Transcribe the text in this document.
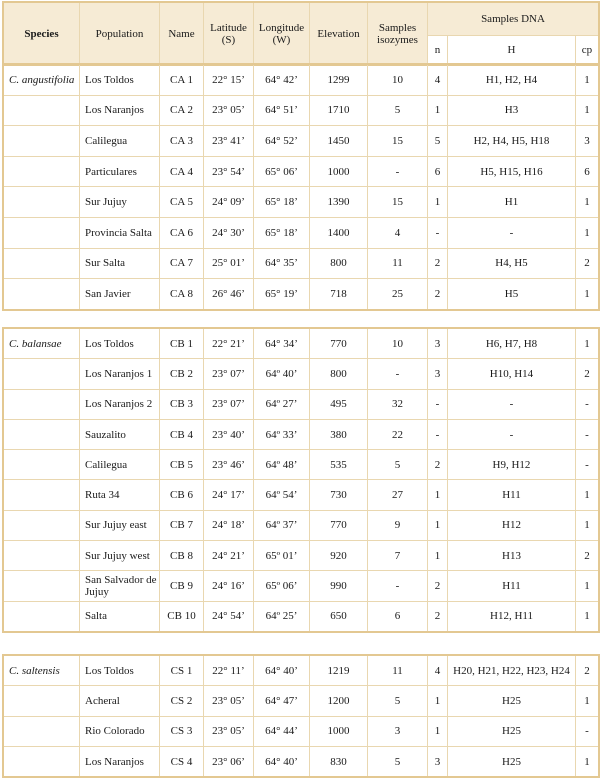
Species	Population	Name	Latitude (S)	Longitude (W)	Elevation	Samples isozymes	Samples DNA		
							n	H	cp
C. angustifolia	Los Toldos	CA 1	22° 15’	64° 42’	1299	10	4	H1, H2, H4	1
	Los Naranjos	CA 2	23° 05’	64° 51’	1710	5	1	H3	1
	Calilegua	CA 3	23° 41’	64° 52’	1450	15	5	H2, H4, H5, H18	3
	Particulares	CA 4	23° 54’	65° 06’	1000	-	6	H5, H15, H16	6
	Sur Jujuy	CA 5	24° 09’	65° 18’	1390	15	1	H1	1
	Provincia Salta	CA 6	24° 30’	65° 18’	1400	4	-	-	1
	Sur Salta	CA 7	25° 01’	64° 35’	800	11	2	H4, H5	2
	San Javier	CA 8	26° 46’	65° 19’	718	25	2	H5	1
C. balansae	Los Toldos	CB 1	22° 21’	64° 34’	770	10	3	H6, H7, H8	1
	Los Naranjos 1	CB 2	23° 07’	64º 40’	800	-	3	H10, H14	2
	Los Naranjos 2	CB 3	23° 07’	64º 27’	495	32	-	-	-
	Sauzalito	CB 4	23° 40’	64º 33’	380	22	-	-	-
	Calilegua	CB 5	23° 46’	64º 48’	535	5	2	H9, H12	-
	Ruta 34	CB 6	24° 17’	64º 54’	730	27	1	H11	1
	Sur Jujuy east	CB 7	24° 18’	64º 37’	770	9	1	H12	1
	Sur Jujuy west	CB 8	24° 21’	65º 01’	920	7	1	H13	2
	San Salvador de Jujuy	CB 9	24° 16’	65º 06’	990	-	2	H11	1
	Salta	CB 10	24° 54’	64º 25’	650	6	2	H12, H11	1
C. saltensis	Los Toldos	CS 1	22° 11’	64° 40’	1219	11	4	H20, H21, H22, H23, H24	2
	Acheral	CS 2	23° 05’	64° 47’	1200	5	1	H25	1
	Rio Colorado	CS 3	23° 05’	64° 44’	1000	3	1	H25	-
	Los Naranjos	CS 4	23° 06’	64° 40’	830	5	3	H25	1
